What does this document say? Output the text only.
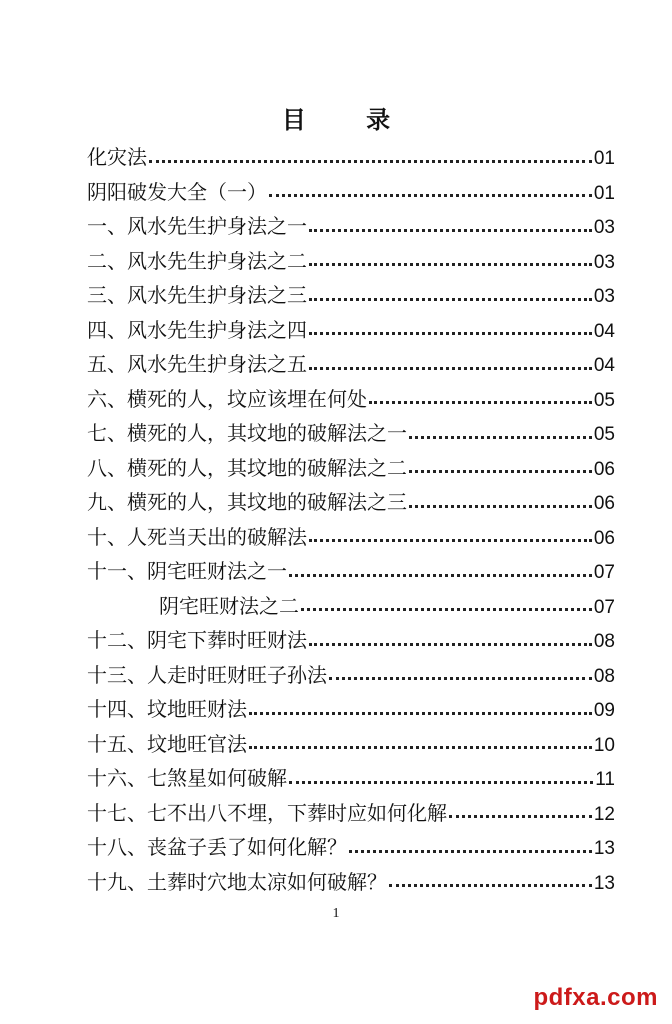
目 录
化灾法	01
阴阳破发大全（一）	01
一、风水先生护身法之一	03
二、风水先生护身法之二	03
三、风水先生护身法之三	03
四、风水先生护身法之四	04
五、风水先生护身法之五	04
六、横死的人，坟应该埋在何处	05
七、横死的人，其坟地的破解法之一	05
八、横死的人，其坟地的破解法之二	06
九、横死的人，其坟地的破解法之三	06
十、人死当天出的破解法	06
十一、阴宅旺财法之一	07
阴宅旺财法之二	07
十二、阴宅下葬时旺财法	08
十三、人走时旺财旺子孙法	08
十四、坟地旺财法	09
十五、坟地旺官法	10
十六、七煞星如何破解	11
十七、七不出八不埋，下葬时应如何化解	12
十八、丧盆子丢了如何化解？	13
十九、土葬时穴地太凉如何破解？	13
1
pdfxa.com
